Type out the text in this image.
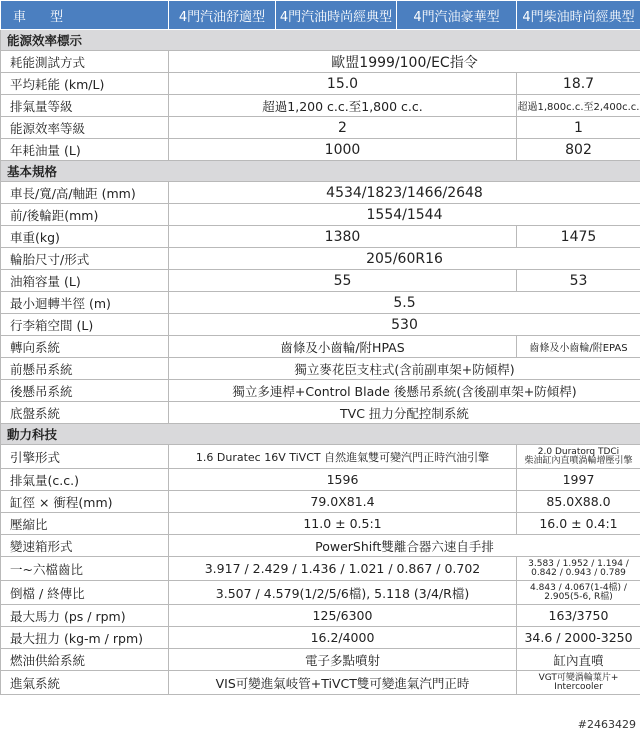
車 型	4門汽油舒適型	4門汽油時尚經典型	4門汽油豪華型	4門柴油時尚經典型
能源效率標示				
耗能測試方式	歐盟1999/100/EC指令			
平均耗能 (km/L)	15.0			18.7
排氣量等級	超過1,200 c.c.至1,800 c.c.			超過1,800c.c.至2,400c.c.
能源效率等級	2			1
年耗油量 (L)	1000			802
基本規格				
車長/寬/高/軸距 (mm)	4534/1823/1466/2648			
前/後輪距(mm)	1554/1544			
車重(kg)	1380			1475
輪胎尺寸/形式	205/60R16			
油箱容量 (L)	55			53
最小迴轉半徑 (m)	5.5			
行李箱空間 (L)	530			
轉向系統	齒條及小齒輪/附HPAS			齒條及小齒輪/附EPAS
前懸吊系統	獨立麥花臣支柱式(含前副車架+防傾桿)			
後懸吊系統	獨立多連桿+Control Blade 後懸吊系統(含後副車架+防傾桿)			
底盤系統	TVC 扭力分配控制系統			
動力科技				
引擎形式	1.6 Duratec 16V TiVCT 自然進氣雙可變汽門正時汽油引擎			2.0 Duratorq TDCi
柴油缸內直噴渦輪增壓引擎

排氣量(c.c.)	1596			1997
缸徑 × 衝程(mm)	79.0X81.4			85.0X88.0
壓縮比	11.0 ± 0.5:1			16.0 ± 0.4:1
變速箱形式	PowerShift雙離合器六速自手排			
一~六檔齒比	3.917 / 2.429 / 1.436 / 1.021 / 0.867 / 0.702			3.583 / 1.952 / 1.194 /
0.842 / 0.943 / 0.789

倒檔 / 終傳比	3.507 / 4.579(1/2/5/6檔), 5.118 (3/4/R檔)			4.843 / 4.067(1-4檔) /
2.905(5-6, R檔)

最大馬力 (ps / rpm)	125/6300			163/3750
最大扭力 (kg-m / rpm)	16.2/4000			34.6 / 2000-3250
燃油供給系統	電子多點噴射			缸內直噴
進氣系統	VIS可變進氣岐管+TiVCT雙可變進氣汽門正時			VGT可變渦輪葉片+
Intercooler
#2463429
